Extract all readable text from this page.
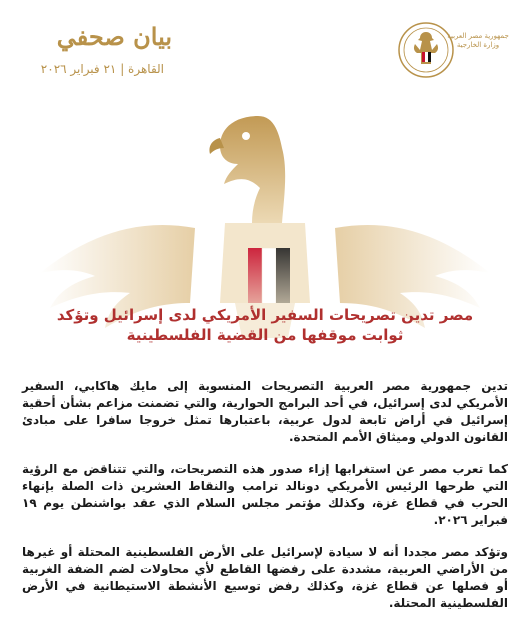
جمهورية مصر العربية
وزارة الخارجية
بيان صحفي
القاهرة | ٢١ فبراير ٢٠٢٦
مصر تدين تصريحات السفير الأمريكي لدى إسرائيل وتؤكد ثوابت موقفها من القضية الفلسطينية
تدين جمهورية مصر العربية التصريحات المنسوبة إلى مايك هاكابي، السفير الأمريكي لدى إسرائيل، في أحد البرامج الحوارية، والتي تضمنت مزاعم بشأن أحقية إسرائيل في أراض تابعة لدول عربية، باعتبارها تمثل خروجا سافرا على مبادئ القانون الدولي وميثاق الأمم المتحدة.
كما تعرب مصر عن استغرابها إزاء صدور هذه التصريحات، والتي تتناقض مع الرؤية التي طرحها الرئيس الأمريكي دونالد ترامب والنقاط العشرين ذات الصلة بإنهاء الحرب في قطاع غزة، وكذلك مؤتمر مجلس السلام الذي عقد بواشنطن يوم ١٩ فبراير ٢٠٢٦.
وتؤكد مصر مجددا أنه لا سيادة لإسرائيل على الأرض الفلسطينية المحتلة أو غيرها من الأراضي العربية، مشددة على رفضها القاطع لأي محاولات لضم الضفة الغربية أو فصلها عن قطاع غزة، وكذلك رفض توسيع الأنشطة الاستيطانية في الأرض الفلسطينية المحتلة.
